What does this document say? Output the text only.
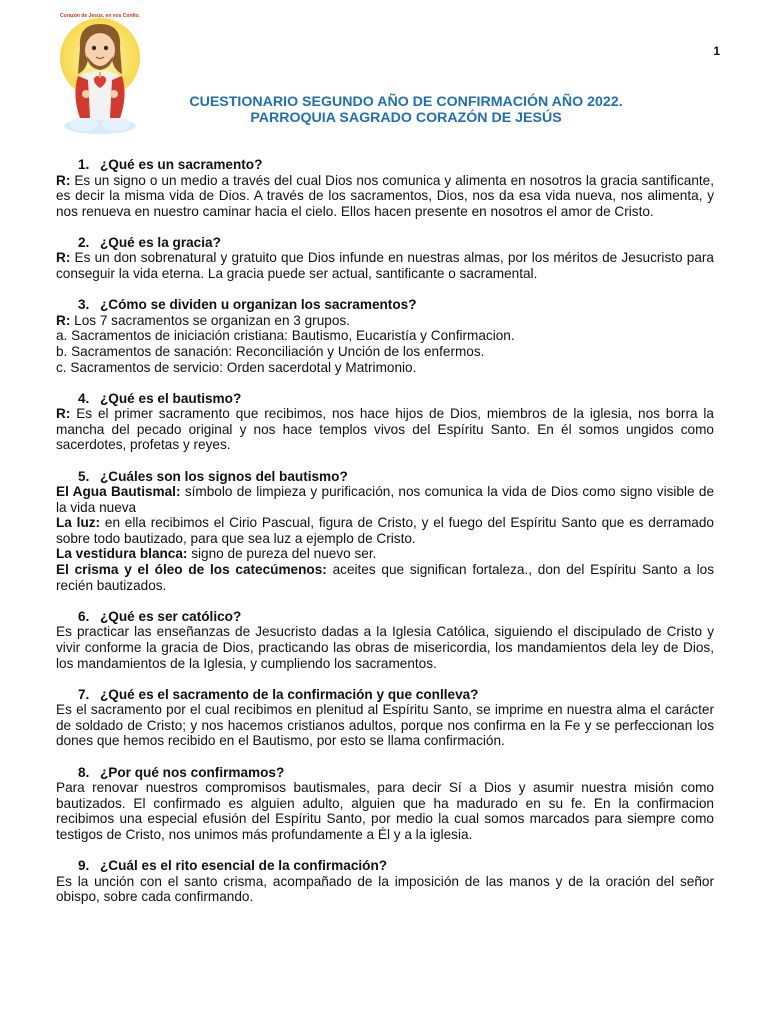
1
Corazón de Jesús, en vos Confío.
CUESTIONARIO SEGUNDO AÑO DE CONFIRMACIÓN AÑO 2022.
PARROQUIA SAGRADO CORAZÓN DE JESÚS

1. ¿Qué es un sacramento?

R: Es un signo o un medio a través del cual Dios nos comunica y alimenta en nosotros la gracia santificante, es decir la misma vida de Dios. A través de los sacramentos, Dios, nos da esa vida nueva, nos alimenta, y nos renueva en nuestro caminar hacia el cielo. Ellos hacen presente en nosotros el amor de Cristo.

2. ¿Qué es la gracia?

R: Es un don sobrenatural y gratuito que Dios infunde en nuestras almas, por los méritos de Jesucristo para conseguir la vida eterna. La gracia puede ser actual, santificante o sacramental.

3. ¿Cómo se dividen u organizan los sacramentos?

R: Los 7 sacramentos se organizan en 3 grupos.

a. Sacramentos de iniciación cristiana: Bautismo, Eucaristía y Confirmacion.

b. Sacramentos de sanación: Reconciliación y Unción de los enfermos.

c. Sacramentos de servicio: Orden sacerdotal y Matrimonio.

4. ¿Qué es el bautismo?

R: Es el primer sacramento que recibimos, nos hace hijos de Dios, miembros de la iglesia, nos borra la mancha del pecado original y nos hace templos vivos del Espíritu Santo. En él somos ungidos como sacerdotes, profetas y reyes.

5. ¿Cuáles son los signos del bautismo?

El Agua Bautismal: símbolo de limpieza y purificación, nos comunica la vida de Dios como signo visible de la vida nueva

La luz: en ella recibimos el Cirio Pascual, figura de Cristo, y el fuego del Espíritu Santo que es derramado sobre todo bautizado, para que sea luz a ejemplo de Cristo.

La vestidura blanca: signo de pureza del nuevo ser.

El crisma y el óleo de los catecúmenos: aceites que significan fortaleza., don del Espíritu Santo a los recién bautizados.

6. ¿Qué es ser católico?

Es practicar las enseñanzas de Jesucristo dadas a la Iglesia Católica, siguiendo el discipulado de Cristo y vivir conforme la gracia de Dios, practicando las obras de misericordia, los mandamientos dela ley de Dios, los mandamientos de la Iglesia, y cumpliendo los sacramentos.

7. ¿Qué es el sacramento de la confirmación y que conlleva?

Es el sacramento por el cual recibimos en plenitud al Espíritu Santo, se imprime en nuestra alma el carácter de soldado de Cristo; y nos hacemos cristianos adultos, porque nos confirma en la Fe y se perfeccionan los dones que hemos recibido en el Bautismo, por esto se llama confirmación.

8. ¿Por qué nos confirmamos?

Para renovar nuestros compromisos bautismales, para decir Sí a Dios y asumir nuestra misión como bautizados. El confirmado es alguien adulto, alguien que ha madurado en su fe. En la confirmacion recibimos una especial efusión del Espíritu Santo, por medio la cual somos marcados para siempre como testigos de Cristo, nos unimos más profundamente a Él y a la iglesia.

9. ¿Cuál es el rito esencial de la confirmación?

Es la unción con el santo crisma, acompañado de la imposición de las manos y de la oración del señor obispo, sobre cada confirmando.
